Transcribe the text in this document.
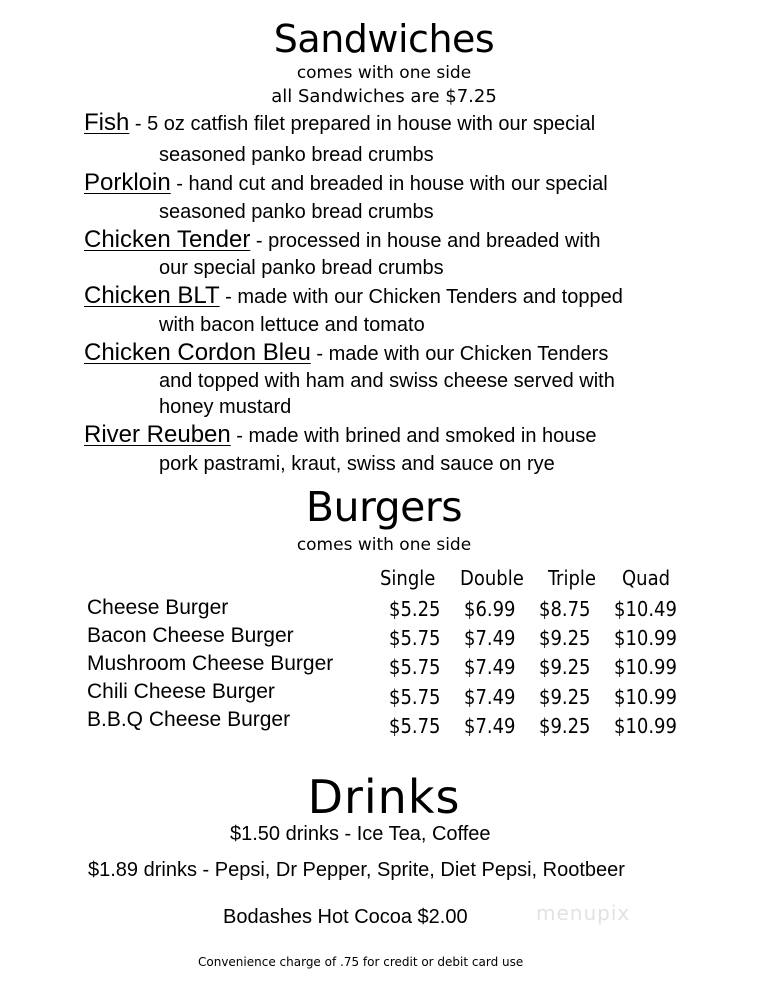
Sandwiches
comes with one side
all Sandwiches are $7.25
Fish - 5 oz catfish filet prepared in house with our special
seasoned panko bread crumbs
Porkloin - hand cut and breaded in house with our special
seasoned panko bread crumbs
Chicken Tender - processed in house and breaded with
our special panko bread crumbs
Chicken BLT - made with our Chicken Tenders and topped
with bacon lettuce and tomato
Chicken Cordon Bleu - made with our Chicken Tenders
and topped with ham and swiss cheese served with
honey mustard
River Reuben - made with brined and smoked in house
pork pastrami, kraut, swiss and sauce on rye
Burgers
comes with one side
Single Double Triple Quad
Cheese Burger	$5.25 $6.99 $8.75 $10.49
Bacon Cheese Burger	$5.75 $7.49 $9.25 $10.99
Mushroom Cheese Burger	$5.75 $7.49 $9.25 $10.99
Chili Cheese Burger	$5.75 $7.49 $9.25 $10.99
B.B.Q Cheese Burger	$5.75 $7.49 $9.25 $10.99
Drinks
$1.50 drinks - Ice Tea, Coffee
$1.89 drinks - Pepsi, Dr Pepper, Sprite, Diet Pepsi, Rootbeer
Bodashes Hot Cocoa $2.00	menupix
Convenience charge of .75 for credit or debit card use
